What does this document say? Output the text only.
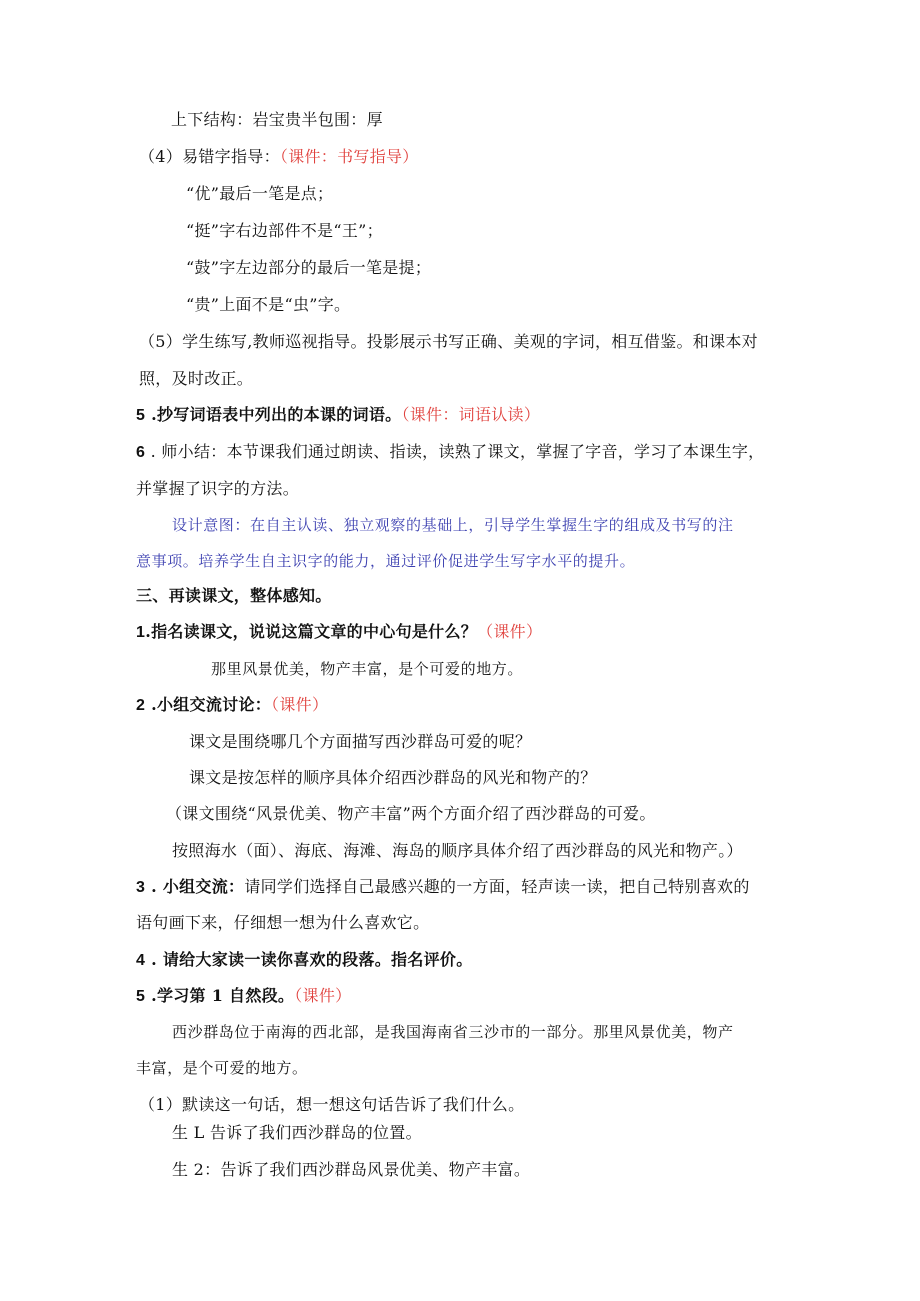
上下结构：岩宝贵半包围：厚
（4）易错字指导：（课件：书写指导）
“优”最后一笔是点；
“挺”字右边部件不是“王”；
“鼓”字左边部分的最后一笔是提；
“贵”上面不是“虫”字。
（5）学生练写,教师巡视指导。投影展示书写正确、美观的字词，相互借鉴。和课本对
照，及时改正。
5 .抄写词语表中列出的本课的词语。（课件：词语认读）
6 . 师小结：本节课我们通过朗读、指读，读熟了课文，掌握了字音，学习了本课生字，
并掌握了识字的方法。
设计意图：在自主认读、独立观察的基础上，引导学生掌握生字的组成及书写的注
意事项。培养学生自主识字的能力，通过评价促进学生写字水平的提升。
三、再读课文，整体感知。
1.指名读课文，说说这篇文章的中心句是什么？（课件）
那里风景优美，物产丰富，是个可爱的地方。
2 .小组交流讨论：（课件）
课文是围绕哪几个方面描写西沙群岛可爱的呢？
课文是按怎样的顺序具体介绍西沙群岛的风光和物产的？
（课文围绕“风景优美、物产丰富”两个方面介绍了西沙群岛的可爱。
按照海水（面）、海底、海滩、海岛的顺序具体介绍了西沙群岛的风光和物产。）
3 . 小组交流：请同学们选择自己最感兴趣的一方面，轻声读一读，把自己特别喜欢的
语句画下来，仔细想一想为什么喜欢它。
4 . 请给大家读一读你喜欢的段落。指名评价。
5 .学习第 1 自然段。（课件）
西沙群岛位于南海的西北部，是我国海南省三沙市的一部分。那里风景优美，物产
丰富，是个可爱的地方。
（1）默读这一句话，想一想这句话告诉了我们什么。
生 L 告诉了我们西沙群岛的位置。
生 2：告诉了我们西沙群岛风景优美、物产丰富。
